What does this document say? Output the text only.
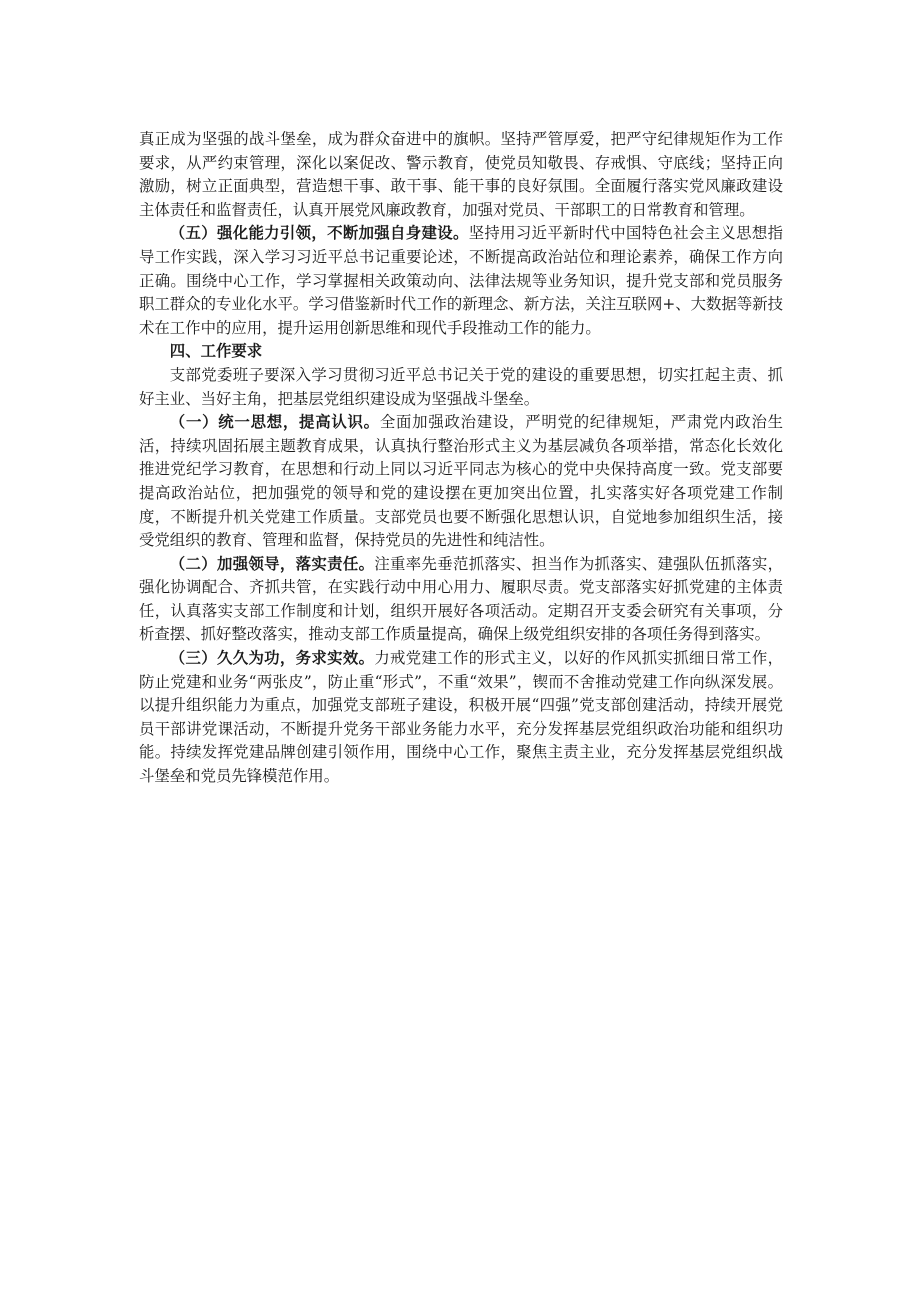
真正成为坚强的战斗堡垒，成为群众奋进中的旗帜。坚持严管厚爱，把严守纪律规矩作为工作要求，从严约束管理，深化以案促改、警示教育，使党员知敬畏、存戒惧、守底线；坚持正向激励，树立正面典型，营造想干事、敢干事、能干事的良好氛围。全面履行落实党风廉政建设主体责任和监督责任，认真开展党风廉政教育，加强对党员、干部职工的日常教育和管理。

（五）强化能力引领，不断加强自身建设。坚持用习近平新时代中国特色社会主义思想指导工作实践，深入学习习近平总书记重要论述，不断提高政治站位和理论素养，确保工作方向正确。围绕中心工作，学习掌握相关政策动向、法律法规等业务知识，提升党支部和党员服务职工群众的专业化水平。学习借鉴新时代工作的新理念、新方法，关注互联网+、大数据等新技术在工作中的应用，提升运用创新思维和现代手段推动工作的能力。

四、工作要求

支部党委班子要深入学习贯彻习近平总书记关于党的建设的重要思想，切实扛起主责、抓好主业、当好主角，把基层党组织建设成为坚强战斗堡垒。

（一）统一思想，提高认识。全面加强政治建设，严明党的纪律规矩，严肃党内政治生活，持续巩固拓展主题教育成果，认真执行整治形式主义为基层减负各项举措，常态化长效化推进党纪学习教育，在思想和行动上同以习近平同志为核心的党中央保持高度一致。党支部要提高政治站位，把加强党的领导和党的建设摆在更加突出位置，扎实落实好各项党建工作制度，不断提升机关党建工作质量。支部党员也要不断强化思想认识，自觉地参加组织生活，接受党组织的教育、管理和监督，保持党员的先进性和纯洁性。

（二）加强领导，落实责任。注重率先垂范抓落实、担当作为抓落实、建强队伍抓落实，强化协调配合、齐抓共管，在实践行动中用心用力、履职尽责。党支部落实好抓党建的主体责任，认真落实支部工作制度和计划，组织开展好各项活动。定期召开支委会研究有关事项，分析查摆、抓好整改落实，推动支部工作质量提高，确保上级党组织安排的各项任务得到落实。

（三）久久为功，务求实效。力戒党建工作的形式主义，以好的作风抓实抓细日常工作，防止党建和业务“两张皮”，防止重“形式”，不重“效果”，锲而不舍推动党建工作向纵深发展。以提升组织能力为重点，加强党支部班子建设，积极开展“四强”党支部创建活动，持续开展党员干部讲党课活动，不断提升党务干部业务能力水平，充分发挥基层党组织政治功能和组织功能。持续发挥党建品牌创建引领作用，围绕中心工作，聚焦主责主业，充分发挥基层党组织战斗堡垒和党员先锋模范作用。
